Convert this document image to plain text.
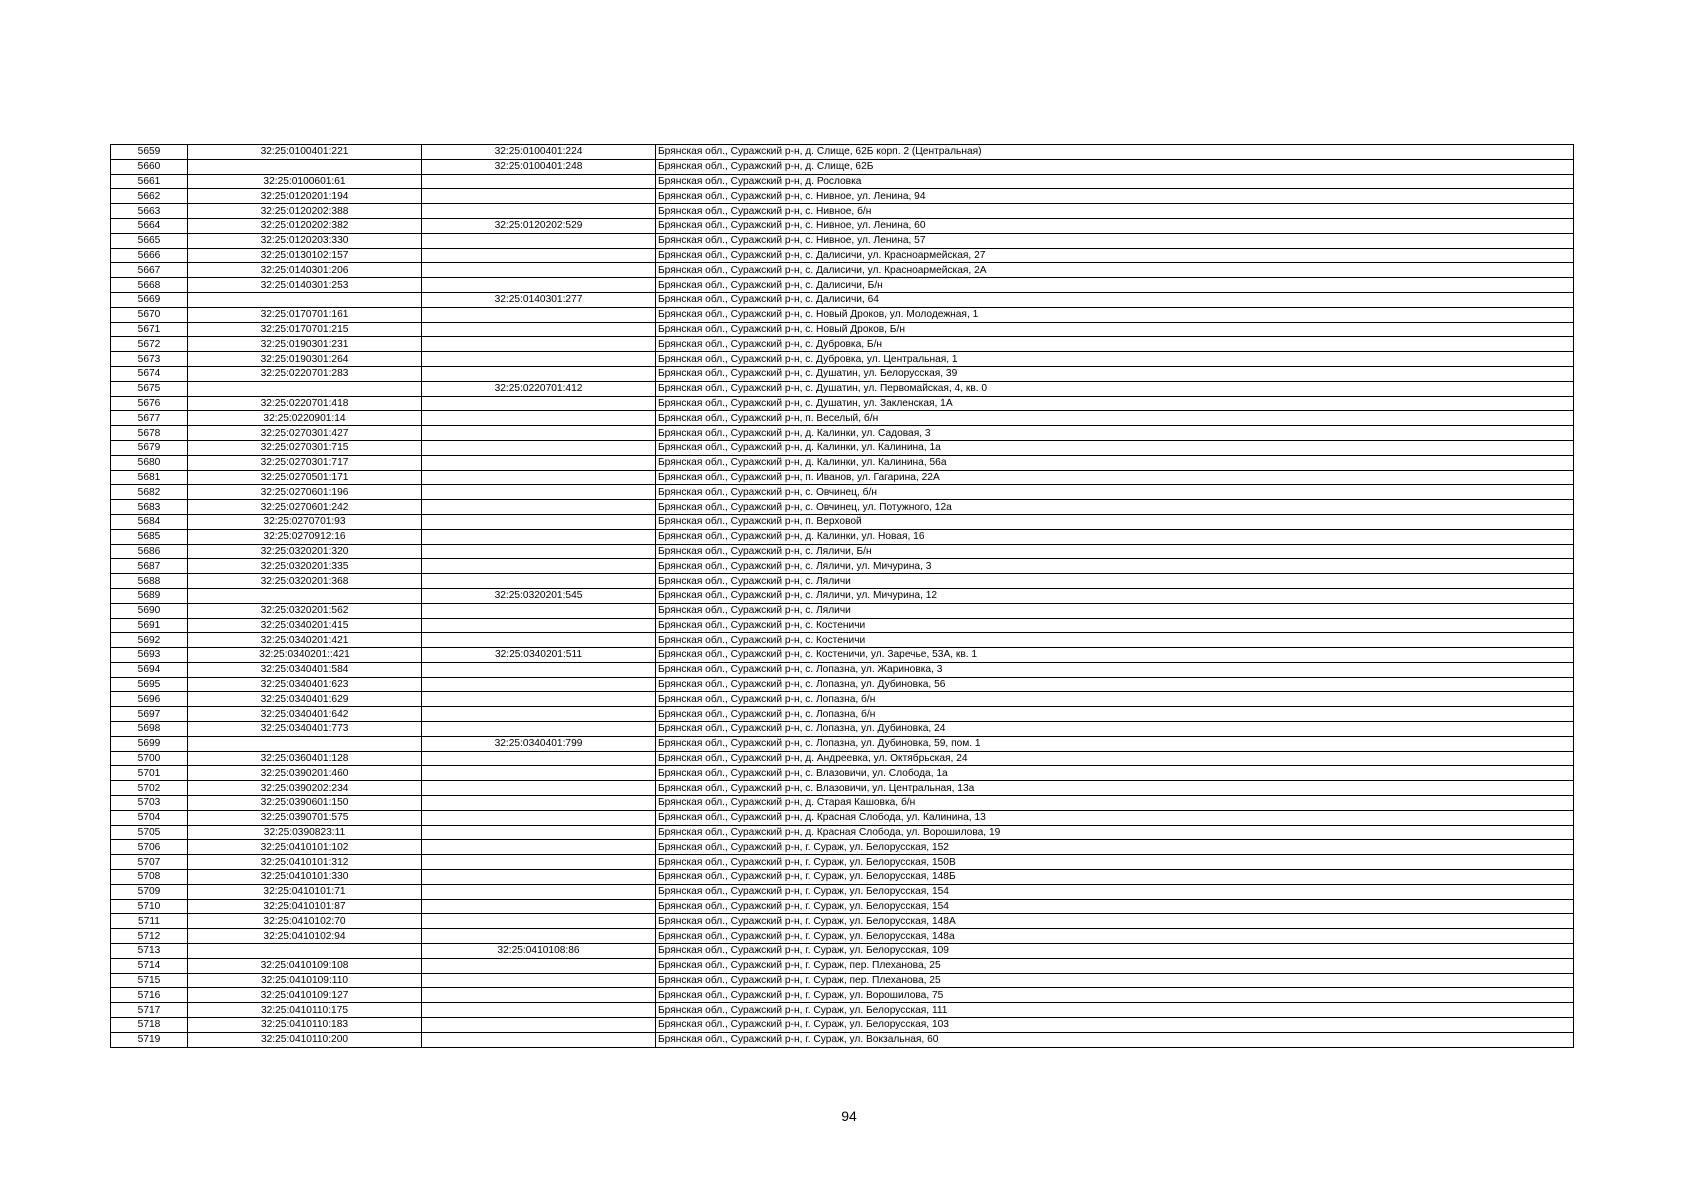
5659	32:25:0100401:221	32:25:0100401:224	Брянская обл., Суражский р-н, д. Слище, 62Б корп. 2 (Центральная)
5660		32:25:0100401:248	Брянская обл., Суражский р-н, д. Слище, 62Б
5661	32:25:0100601:61		Брянская обл., Суражский р-н, д. Рословка
5662	32:25:0120201:194		Брянская обл., Суражский р-н, с. Нивное, ул. Ленина, 94
5663	32:25:0120202:388		Брянская обл., Суражский р-н, с. Нивное, б/н
5664	32:25:0120202:382	32:25:0120202:529	Брянская обл., Суражский р-н, с. Нивное, ул. Ленина, 60
5665	32:25:0120203:330		Брянская обл., Суражский р-н, с. Нивное, ул. Ленина, 57
5666	32:25:0130102:157		Брянская обл., Суражский р-н, с. Далисичи, ул. Красноармейская, 27
5667	32:25:0140301:206		Брянская обл., Суражский р-н, с. Далисичи, ул. Красноармейская, 2А
5668	32:25:0140301:253		Брянская обл., Суражский р-н, с. Далисичи, Б/н
5669		32:25:0140301:277	Брянская обл., Суражский р-н, с. Далисичи, 64
5670	32:25:0170701:161		Брянская обл., Суражский р-н, с. Новый Дроков, ул. Молодежная, 1
5671	32:25:0170701:215		Брянская обл., Суражский р-н, с. Новый Дроков, Б/н
5672	32:25:0190301:231		Брянская обл., Суражский р-н, с. Дубровка, Б/н
5673	32:25:0190301:264		Брянская обл., Суражский р-н, с. Дубровка, ул. Центральная, 1
5674	32:25:0220701:283		Брянская обл., Суражский р-н, с. Душатин, ул. Белорусская, 39
5675		32:25:0220701:412	Брянская обл., Суражский р-н, с. Душатин, ул. Первомайская, 4, кв. 0
5676	32:25:0220701:418		Брянская обл., Суражский р-н, с. Душатин, ул. Закленская, 1А
5677	32:25:0220901:14		Брянская обл., Суражский р-н, п. Веселый, б/н
5678	32:25:0270301:427		Брянская обл., Суражский р-н, д. Калинки, ул. Садовая, 3
5679	32:25:0270301:715		Брянская обл., Суражский р-н, д. Калинки, ул. Калинина, 1а
5680	32:25:0270301:717		Брянская обл., Суражский р-н, д. Калинки, ул. Калинина, 56а
5681	32:25:0270501:171		Брянская обл., Суражский р-н, п. Иванов, ул. Гагарина, 22А
5682	32:25:0270601:196		Брянская обл., Суражский р-н, с. Овчинец, б/н
5683	32:25:0270601:242		Брянская обл., Суражский р-н, с. Овчинец, ул. Потужного, 12а
5684	32:25:0270701:93		Брянская обл., Суражский р-н, п. Верховой
5685	32:25:0270912:16		Брянская обл., Суражский р-н, д. Калинки, ул. Новая, 16
5686	32:25:0320201:320		Брянская обл., Суражский р-н, с. Ляличи, Б/н
5687	32:25:0320201:335		Брянская обл., Суражский р-н, с. Ляличи, ул. Мичурина, 3
5688	32:25:0320201:368		Брянская обл., Суражский р-н, с. Ляличи
5689		32:25:0320201:545	Брянская обл., Суражский р-н, с. Ляличи, ул. Мичурина, 12
5690	32:25:0320201:562		Брянская обл., Суражский р-н, с. Ляличи
5691	32:25:0340201:415		Брянская обл., Суражский р-н, с. Костеничи
5692	32:25:0340201:421		Брянская обл., Суражский р-н, с. Костеничи
5693	32:25:0340201::421	32:25:0340201:511	Брянская обл., Суражский р-н, с. Костеничи, ул. Заречье, 53А, кв. 1
5694	32:25:0340401:584		Брянская обл., Суражский р-н, с. Лопазна, ул. Жариновка, 3
5695	32:25:0340401:623		Брянская обл., Суражский р-н, с. Лопазна, ул. Дубиновка, 56
5696	32:25:0340401:629		Брянская обл., Суражский р-н, с. Лопазна, б/н
5697	32:25:0340401:642		Брянская обл., Суражский р-н, с. Лопазна, б/н
5698	32:25:0340401:773		Брянская обл., Суражский р-н, с. Лопазна, ул. Дубиновка, 24
5699		32:25:0340401:799	Брянская обл., Суражский р-н, с. Лопазна, ул. Дубиновка, 59, пом. 1
5700	32:25:0360401:128		Брянская обл., Суражский р-н, д. Андреевка, ул. Октябрьская, 24
5701	32:25:0390201:460		Брянская обл., Суражский р-н, с. Влазовичи, ул. Слобода, 1а
5702	32:25:0390202:234		Брянская обл., Суражский р-н, с. Влазовичи, ул. Центральная, 13а
5703	32:25:0390601:150		Брянская обл., Суражский р-н, д. Старая Кашовка, б/н
5704	32:25:0390701:575		Брянская обл., Суражский р-н, д. Красная Слобода, ул. Калинина, 13
5705	32:25:0390823:11		Брянская обл., Суражский р-н, д. Красная Слобода, ул. Ворошилова, 19
5706	32:25:0410101:102		Брянская обл., Суражский р-н, г. Сураж, ул. Белорусская, 152
5707	32:25:0410101:312		Брянская обл., Суражский р-н, г. Сураж, ул. Белорусская, 150В
5708	32:25:0410101:330		Брянская обл., Суражский р-н, г. Сураж, ул. Белорусская, 148Б
5709	32:25:0410101:71		Брянская обл., Суражский р-н, г. Сураж, ул. Белорусская, 154
5710	32:25:0410101:87		Брянская обл., Суражский р-н, г. Сураж, ул. Белорусская, 154
5711	32:25:0410102:70		Брянская обл., Суражский р-н, г. Сураж, ул. Белорусская, 148А
5712	32:25:0410102:94		Брянская обл., Суражский р-н, г. Сураж, ул. Белорусская, 148а
5713		32:25:0410108:86	Брянская обл., Суражский р-н, г. Сураж, ул. Белорусская, 109
5714	32:25:0410109:108		Брянская обл., Суражский р-н, г. Сураж, пер. Плеханова, 25
5715	32:25:0410109:110		Брянская обл., Суражский р-н, г. Сураж, пер. Плеханова, 25
5716	32:25:0410109:127		Брянская обл., Суражский р-н, г. Сураж, ул. Ворошилова, 75
5717	32:25:0410110:175		Брянская обл., Суражский р-н, г. Сураж, ул. Белорусская, 111
5718	32:25:0410110:183		Брянская обл., Суражский р-н, г. Сураж, ул. Белорусская, 103
5719	32:25:0410110:200		Брянская обл., Суражский р-н, г. Сураж, ул. Вокзальная, 60
94
